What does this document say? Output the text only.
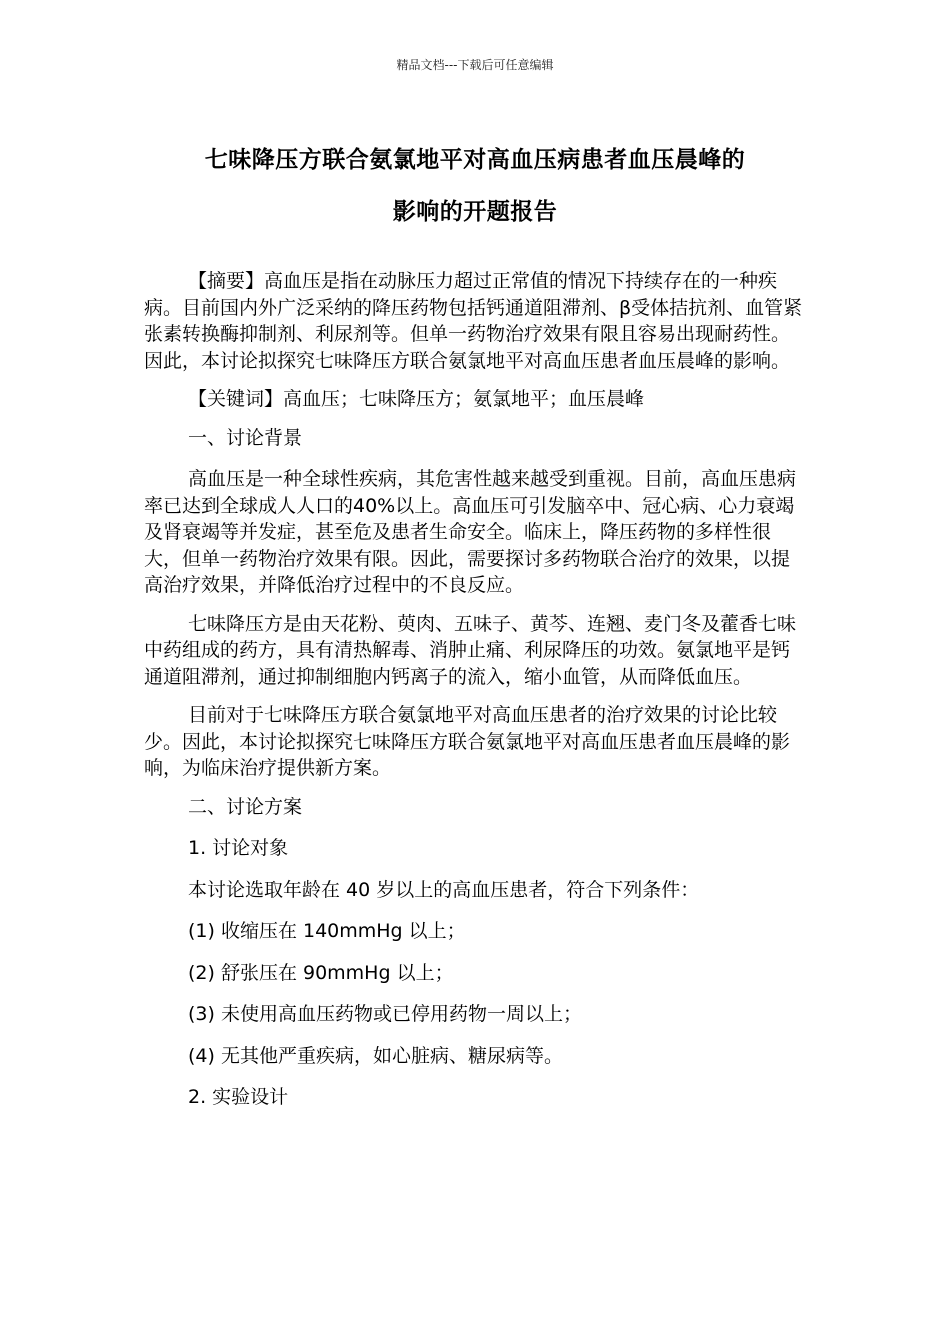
精品文档---下载后可任意编辑
七味降压方联合氨氯地平对高血压病患者血压晨峰的
影响的开题报告

【摘要】高血压是指在动脉压力超过正常值的情况下持续存在的一种疾病。目前国内外广泛采纳的降压药物包括钙通道阻滞剂、β受体拮抗剂、血管紧张素转换酶抑制剂、利尿剂等。但单一药物治疗效果有限且容易出现耐药性。因此，本讨论拟探究七味降压方联合氨氯地平对高血压患者血压晨峰的影响。

【关键词】高血压；七味降压方；氨氯地平；血压晨峰

一、讨论背景

高血压是一种全球性疾病，其危害性越来越受到重视。目前，高血压患病率已达到全球成人人口的40%以上。高血压可引发脑卒中、冠心病、心力衰竭及肾衰竭等并发症，甚至危及患者生命安全。临床上，降压药物的多样性很大，但单一药物治疗效果有限。因此，需要探讨多药物联合治疗的效果，以提高治疗效果，并降低治疗过程中的不良反应。

七味降压方是由天花粉、萸肉、五味子、黄芩、连翘、麦门冬及藿香七味中药组成的药方，具有清热解毒、消肿止痛、利尿降压的功效。氨氯地平是钙通道阻滞剂，通过抑制细胞内钙离子的流入，缩小血管，从而降低血压。

目前对于七味降压方联合氨氯地平对高血压患者的治疗效果的讨论比较少。因此，本讨论拟探究七味降压方联合氨氯地平对高血压患者血压晨峰的影响，为临床治疗提供新方案。

二、讨论方案

1. 讨论对象

本讨论选取年龄在 40 岁以上的高血压患者，符合下列条件：

(1) 收缩压在 140mmHg 以上；

(2) 舒张压在 90mmHg 以上；

(3) 未使用高血压药物或已停用药物一周以上；

(4) 无其他严重疾病，如心脏病、糖尿病等。

2. 实验设计
